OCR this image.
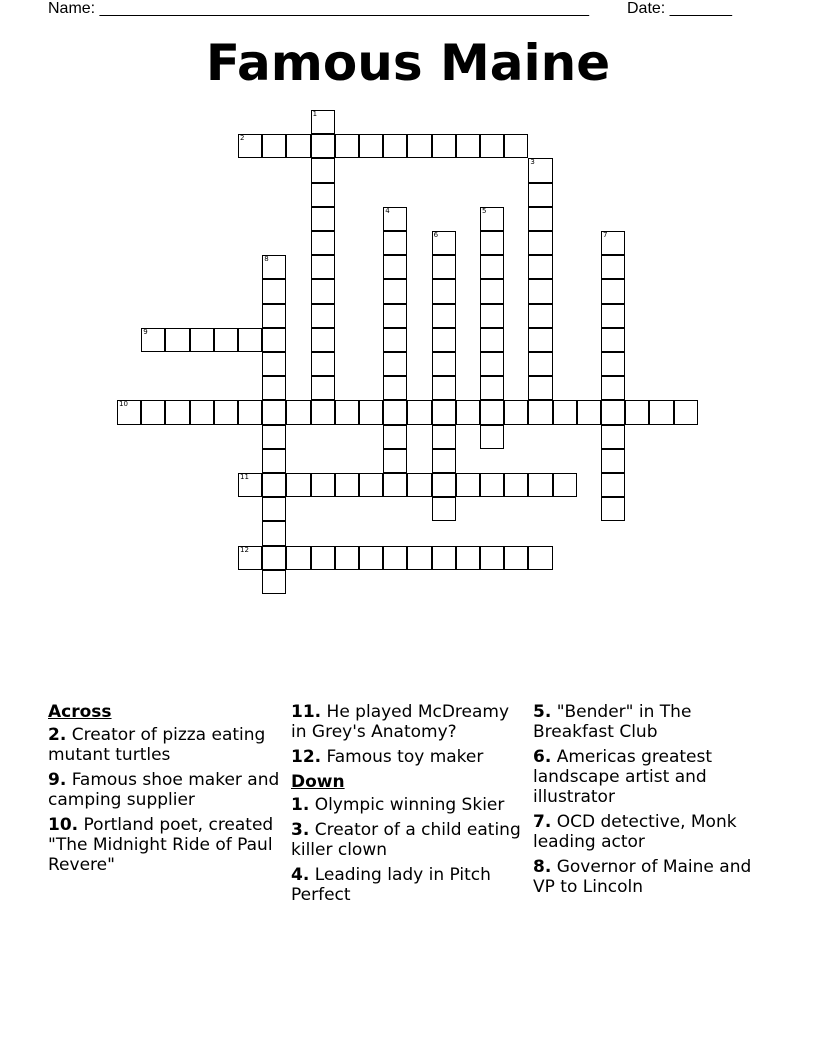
Name: _______________________________________________________ Date: _______
Famous Maine
1
2
3
4	5
6	7
8
9
10
11
12
Across
2. Creator of pizza eating mutant turtles
9. Famous shoe maker and camping supplier
10. Portland poet, created "The Midnight Ride of Paul Revere"
11. He played McDreamy in Grey's Anatomy?
12. Famous toy maker
Down
1. Olympic winning Skier
3. Creator of a child eating killer clown
4. Leading lady in Pitch Perfect
5. "Bender" in The Breakfast Club
6. Americas greatest landscape artist and illustrator
7. OCD detective, Monk leading actor
8. Governor of Maine and VP to Lincoln
